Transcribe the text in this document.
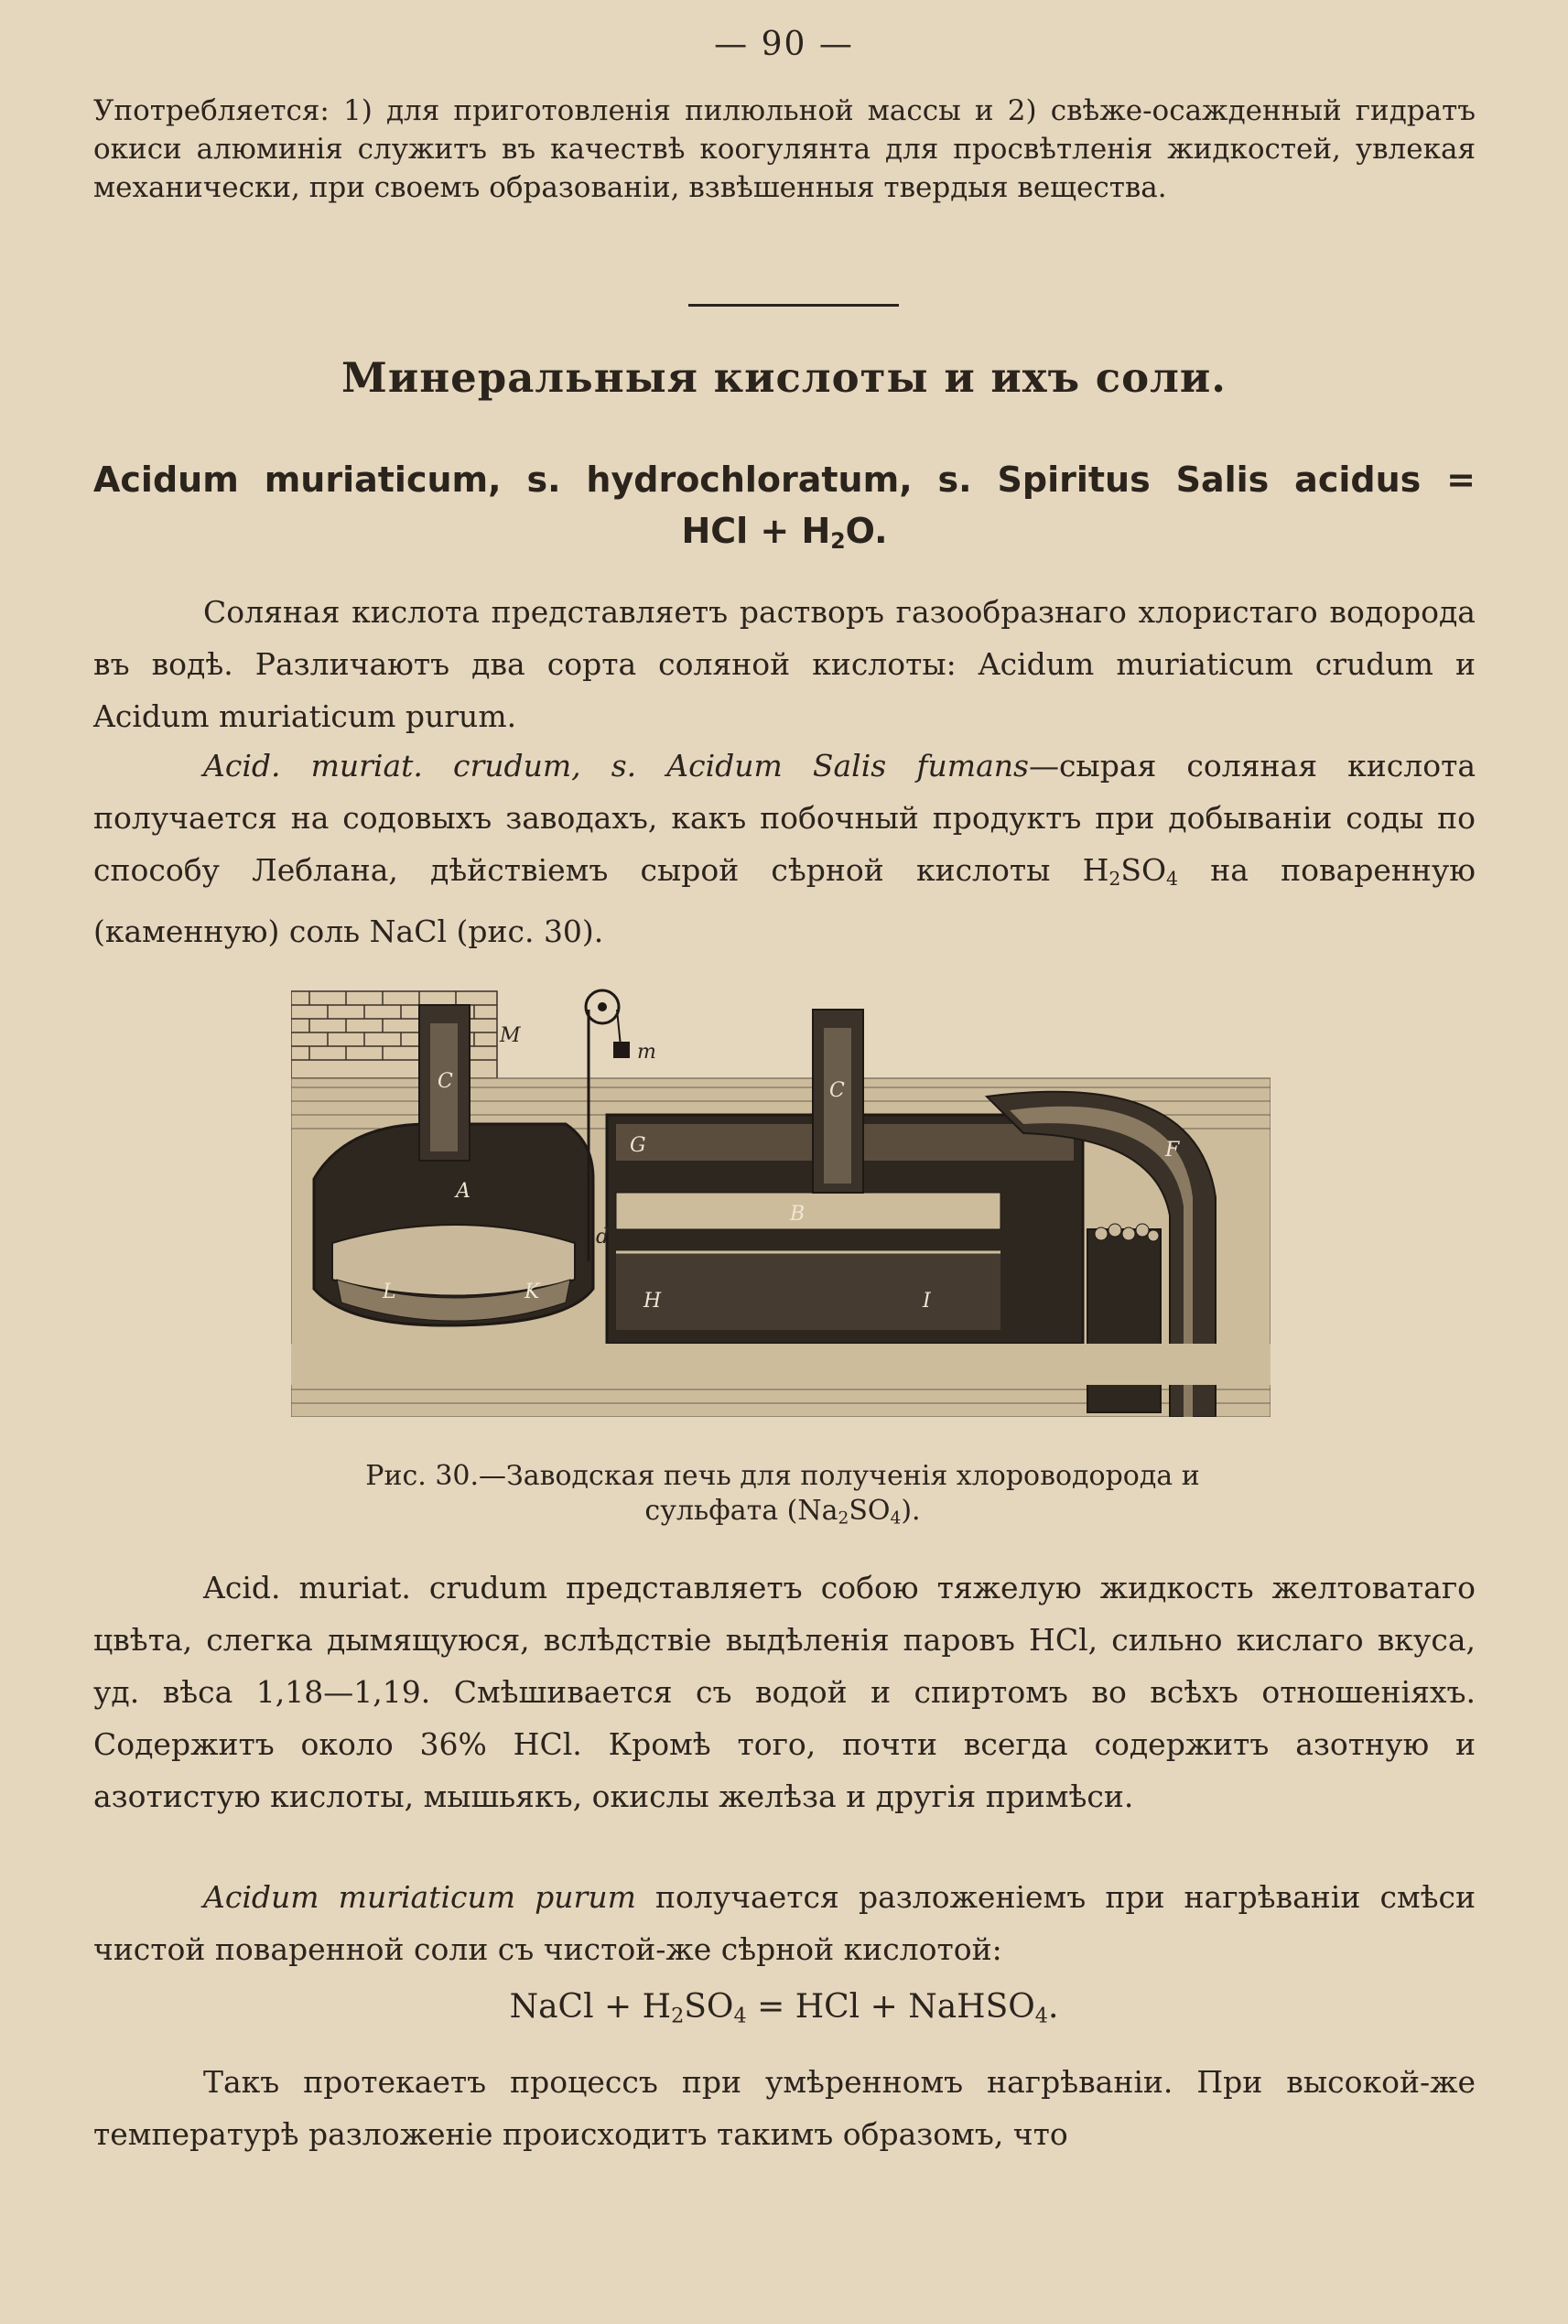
— 90 —
Употребляется: 1) для приготовленія пилюльной массы и 2) свѣже-осажденный гидратъ окиси алюминія служитъ въ качествѣ коогулянта для просвѣтленія жидкостей, увлекая механически, при своемъ образованіи, взвѣшенныя твердыя вещества.
Минеральныя кислоты и ихъ соли.
Acidum muriaticum, s. hydrochloratum, s. Spiritus Salis acidus =
HCl + $H_2O$.
Соляная кислота представляетъ растворъ газообразнаго хлористаго водорода въ водѣ. Различаютъ два сорта соляной кислоты: Acidum muriaticum crudum и Acidum muriaticum purum.
Acid. muriat. crudum, s. Acidum Salis fumans—сырая соляная кислота получается на содовыхъ заводахъ, какъ побочный продуктъ при добываніи соды по способу Леблана, дѣйствіемъ сырой сѣрной кислоты $H_2SO_4$ на поваренную (каменную) соль NaCl (рис. 30).
M
m
C	C
A
G
B
H
L	K	I
d
F
Рис. 30.—Заводская печь для полученія хлороводорода и
сульфата $(Na_2SO_4)$.
Acid. muriat. crudum представляетъ собою тяжелую жидкость желтоватаго цвѣта, слегка дымящуюся, вслѣдствіе выдѣленія паровъ HCl, сильно кислаго вкуса, уд. вѣса 1,18—1,19. Смѣшивается съ водой и спиртомъ во всѣхъ отношеніяхъ. Содержитъ около 36% HCl. Кромѣ того, почти всегда содержитъ азотную и азотистую кислоты, мышьякъ, окислы желѣза и другія примѣси.
Acidum muriaticum purum получается разложеніемъ при нагрѣваніи смѣси чистой поваренной соли съ чистой-же сѣрной кислотой:
NaCl + $H_2SO_4$ = HCl + NaHSO$_4$.
Такъ протекаетъ процессъ при умѣренномъ нагрѣваніи. При высокой-же температурѣ разложеніе происходитъ такимъ образомъ, что
